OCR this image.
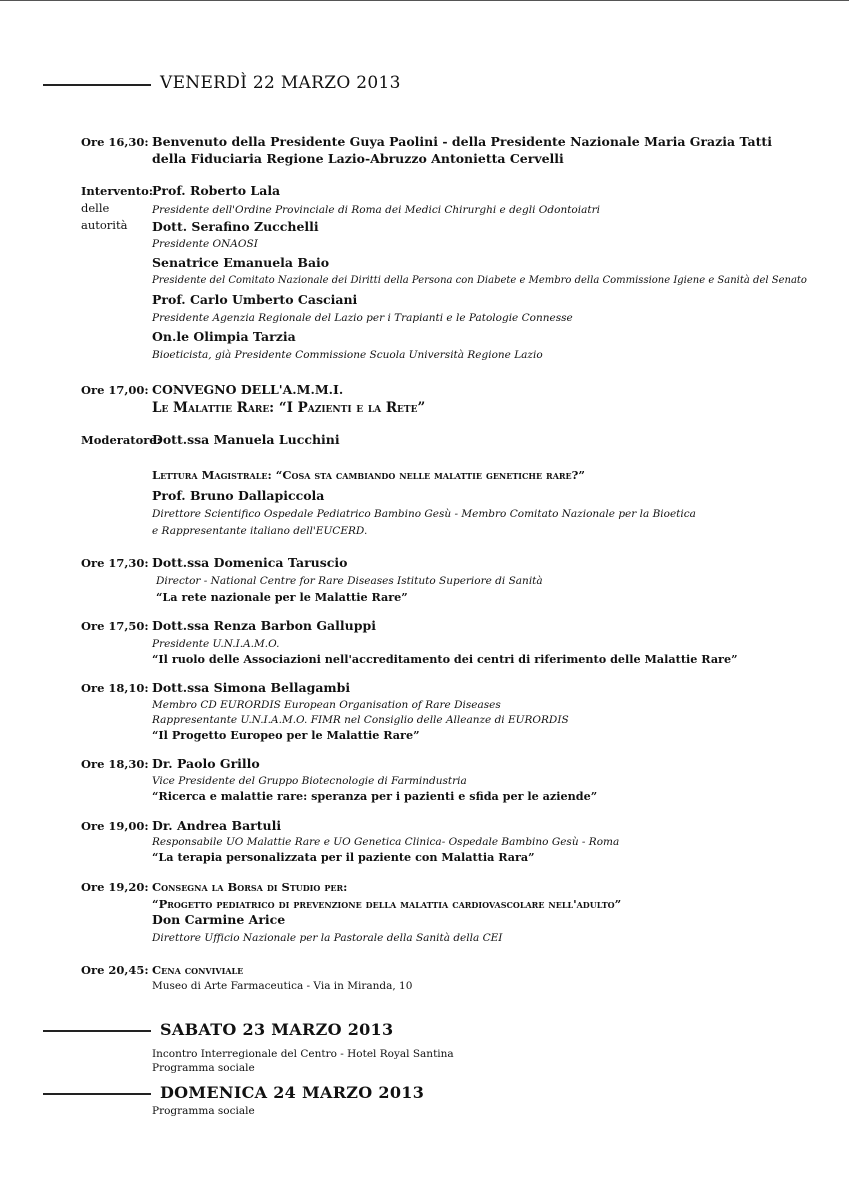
VENERDÌ 22 MARZO 2013
Ore 16,30: Benvenuto della Presidente Guya Paolini - della Presidente Nazionale Maria Grazia Tatti
della Fiduciaria Regione Lazio-Abruzzo Antonietta Cervelli
Intervento:
delle
autorità
Prof. Roberto Lala
Presidente dell'Ordine Provinciale di Roma dei Medici Chirurghi e degli Odontoiatri
Dott. Serafino Zucchelli
Presidente ONAOSI
Senatrice Emanuela Baio
Presidente del Comitato Nazionale dei Diritti della Persona con Diabete e Membro della Commissione Igiene e Sanità del Senato
Prof. Carlo Umberto Casciani
Presidente Agenzia Regionale del Lazio per i Trapianti e le Patologie Connesse
On.le Olimpia Tarzia
Bioeticista, già Presidente Commissione Scuola Università Regione Lazio
Ore 17,00: CONVEGNO DELL'A.M.M.I.
Le Malattie Rare: “I Pazienti e la Rete”
Moderatore:
Dott.ssa Manuela Lucchini
Lettura Magistrale: “Cosa sta cambiando nelle malattie genetiche rare?”
Prof. Bruno Dallapiccola
Direttore Scientifico Ospedale Pediatrico Bambino Gesù - Membro Comitato Nazionale per la Bioetica
e Rappresentante italiano dell'EUCERD.
Ore 17,30: Dott.ssa Domenica Taruscio
Director - National Centre for Rare Diseases Istituto Superiore di Sanità
“La rete nazionale per le Malattie Rare”
Ore 17,50: Dott.ssa Renza Barbon Galluppi
Presidente U.N.I.A.M.O.
“Il ruolo delle Associazioni nell'accreditamento dei centri di riferimento delle Malattie Rare”
Ore 18,10: Dott.ssa Simona Bellagambi
Membro CD EURORDIS European Organisation of Rare Diseases
Rappresentante U.N.I.A.M.O. FIMR nel Consiglio delle Alleanze di EURORDIS
“Il Progetto Europeo per le Malattie Rare”
Ore 18,30: Dr. Paolo Grillo
Vice Presidente del Gruppo Biotecnologie di Farmindustria
“Ricerca e malattie rare: speranza per i pazienti e sfida per le aziende”
Ore 19,00: Dr. Andrea Bartuli
Responsabile UO Malattie Rare e UO Genetica Clinica- Ospedale Bambino Gesù - Roma
“La terapia personalizzata per il paziente con Malattia Rara”
Ore 19,20: Consegna la Borsa di Studio per:
“Progetto pediatrico di prevenzione della malattia cardiovascolare nell'adulto”
Don Carmine Arice
Direttore Ufficio Nazionale per la Pastorale della Sanità della CEI
Ore 20,45: Cena conviviale
Museo di Arte Farmaceutica - Via in Miranda, 10
SABATO 23 MARZO 2013
Incontro Interregionale del Centro - Hotel Royal Santina
Programma sociale
DOMENICA 24 MARZO 2013
Programma sociale
